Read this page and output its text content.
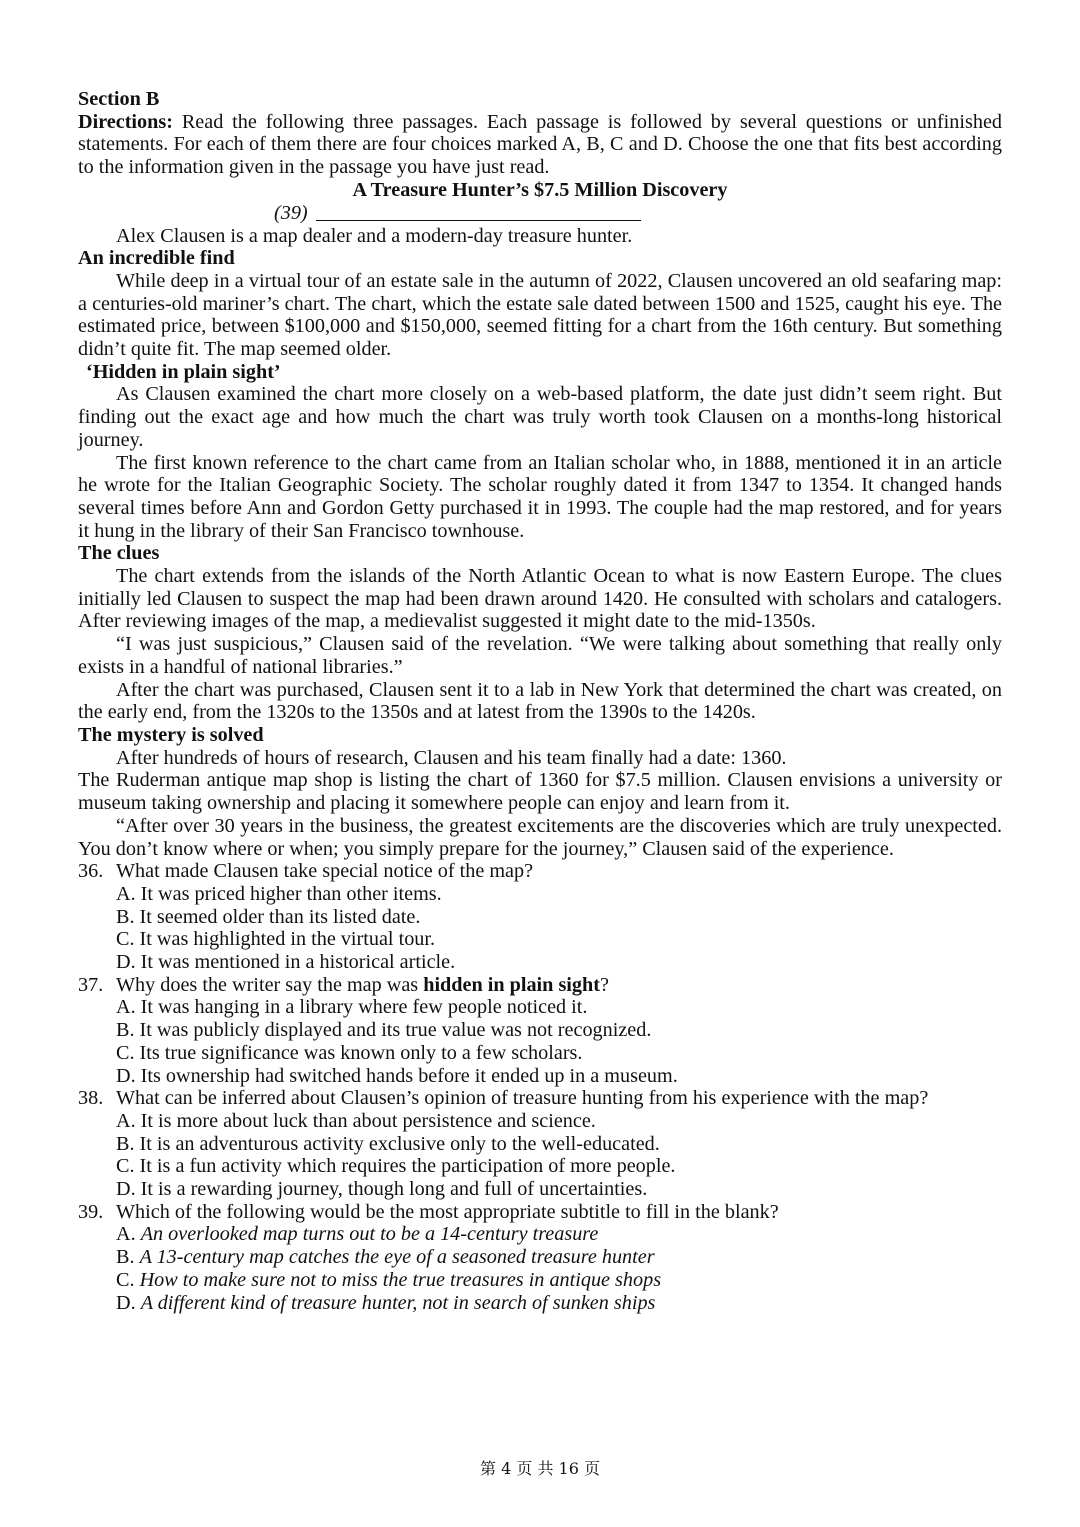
Section B

Directions: Read the following three passages. Each passage is followed by several questions or unfinished statements. For each of them there are four choices marked A, B, C and D. Choose the one that fits best according to the information given in the passage you have just read.

A Treasure Hunter’s $7.5 Million Discovery

(39)

Alex Clausen is a map dealer and a modern-day treasure hunter.

An incredible find

While deep in a virtual tour of an estate sale in the autumn of 2022, Clausen uncovered an old seafaring map: a centuries-old mariner’s chart. The chart, which the estate sale dated between 1500 and 1525, caught his eye. The estimated price, between $100,000 and $150,000, seemed fitting for a chart from the 16th century. But something didn’t quite fit. The map seemed older.

‘Hidden in plain sight’

As Clausen examined the chart more closely on a web-based platform, the date just didn’t seem right. But finding out the exact age and how much the chart was truly worth took Clausen on a months-long historical journey.

The first known reference to the chart came from an Italian scholar who, in 1888, mentioned it in an article he wrote for the Italian Geographic Society. The scholar roughly dated it from 1347 to 1354. It changed hands several times before Ann and Gordon Getty purchased it in 1993. The couple had the map restored, and for years it hung in the library of their San Francisco townhouse.

The clues

The chart extends from the islands of the North Atlantic Ocean to what is now Eastern Europe. The clues initially led Clausen to suspect the map had been drawn around 1420. He consulted with scholars and catalogers. After reviewing images of the map, a medievalist suggested it might date to the mid-1350s.

“I was just suspicious,” Clausen said of the revelation. “We were talking about something that really only exists in a handful of national libraries.”

After the chart was purchased, Clausen sent it to a lab in New York that determined the chart was created, on the early end, from the 1320s to the 1350s and at latest from the 1390s to the 1420s.

The mystery is solved

After hundreds of hours of research, Clausen and his team finally had a date: 1360.

The Ruderman antique map shop is listing the chart of 1360 for $7.5 million. Clausen envisions a university or museum taking ownership and placing it somewhere people can enjoy and learn from it.

“After over 30 years in the business, the greatest excitements are the discoveries which are truly unexpected. You don’t know where or when; you simply prepare for the journey,” Clausen said of the experience.

36. What made Clausen take special notice of the map?

A. It was priced higher than other items.

B. It seemed older than its listed date.

C. It was highlighted in the virtual tour.

D. It was mentioned in a historical article.

37. Why does the writer say the map was hidden in plain sight?

A. It was hanging in a library where few people noticed it.

B. It was publicly displayed and its true value was not recognized.

C. Its true significance was known only to a few scholars.

D. Its ownership had switched hands before it ended up in a museum.

38. What can be inferred about Clausen’s opinion of treasure hunting from his experience with the map?

A. It is more about luck than about persistence and science.

B. It is an adventurous activity exclusive only to the well-educated.

C. It is a fun activity which requires the participation of more people.

D. It is a rewarding journey, though long and full of uncertainties.

39. Which of the following would be the most appropriate subtitle to fill in the blank?

A. An overlooked map turns out to be a 14-century treasure

B. A 13-century map catches the eye of a seasoned treasure hunter

C. How to make sure not to miss the true treasures in antique shops

D. A different kind of treasure hunter, not in search of sunken ships

第 4 页 共 16 页
